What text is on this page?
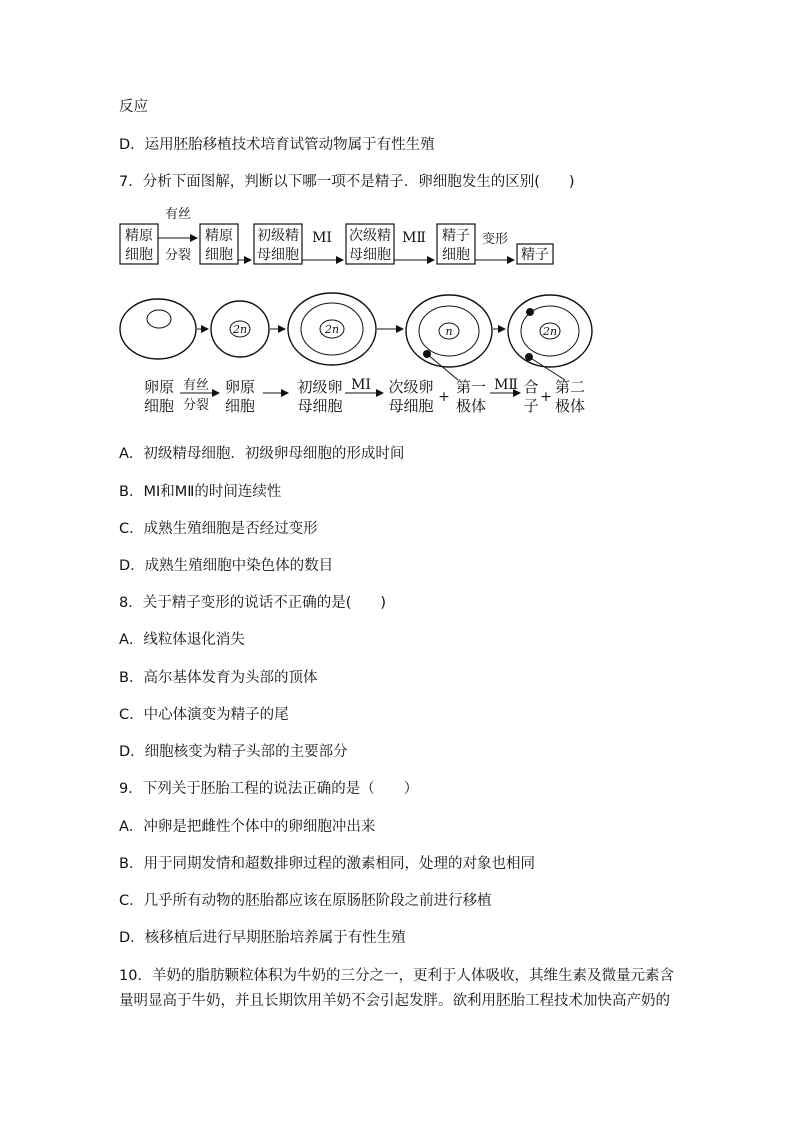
反应
D．运用胚胎移植技术培育试管动物属于有性生殖
7．分析下面图解，判断以下哪一项不是精子．卵细胞发生的区别(　　)
精原
细胞
精原
细胞
初级精
母细胞
次级精
母细胞
精子
细胞	精子
有丝
分裂
MⅠ	MⅡ	变形
2n	2n	n	2n
卵原
细胞
有丝
分裂
卵原
细胞
初级卵
母细胞
MⅠ 次级卵
母细胞 +
第一
极体
MⅡ 合
子 +
第二
极体
A．初级精母细胞．初级卵母细胞的形成时间
B．MⅠ和MⅡ的时间连续性
C．成熟生殖细胞是否经过变形
D．成熟生殖细胞中染色体的数目
8．关于精子变形的说话不正确的是(　　)
A．线粒体退化消失
B．高尔基体发育为头部的顶体
C．中心体演变为精子的尾
D．细胞核变为精子头部的主要部分
9．下列关于胚胎工程的说法正确的是（　　）
A．冲卵是把雌性个体中的卵细胞冲出来
B．用于同期发情和超数排卵过程的激素相同，处理的对象也相同
C．几乎所有动物的胚胎都应该在原肠胚阶段之前进行移植
D．核移植后进行早期胚胎培养属于有性生殖
10．羊奶的脂肪颗粒体积为牛奶的三分之一，更利于人体吸收，其维生素及微量元素含
量明显高于牛奶，并且长期饮用羊奶不会引起发胖。欲利用胚胎工程技术加快高产奶的
